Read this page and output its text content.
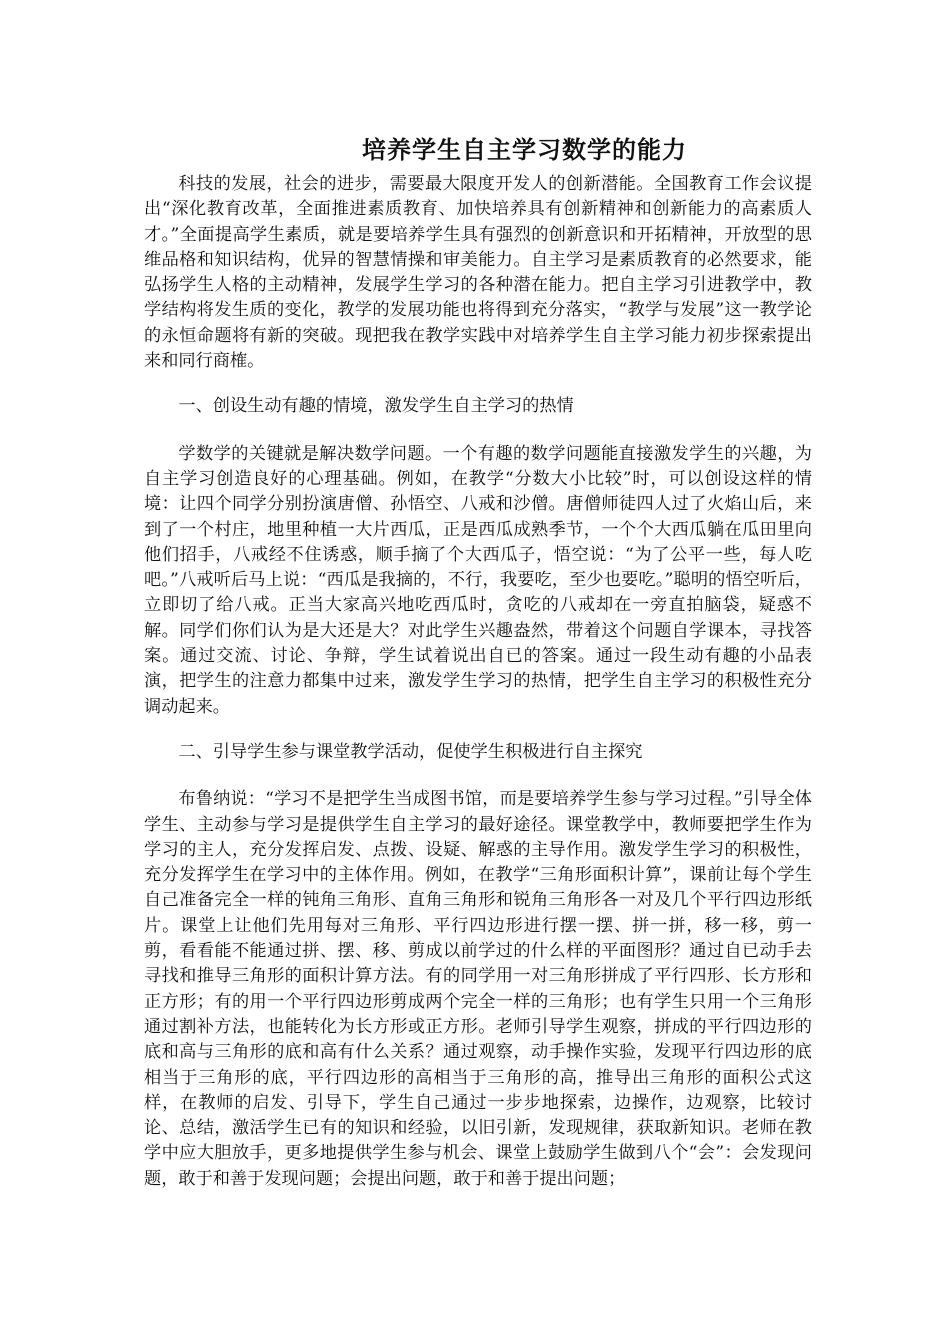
培养学生自主学习数学的能力

科技的发展，社会的进步，需要最大限度开发人的创新潜能。全国教育工作会议提出“深化教育改革，全面推进素质教育、加快培养具有创新精神和创新能力的高素质人才。”全面提高学生素质，就是要培养学生具有强烈的创新意识和开拓精神，开放型的思维品格和知识结构，优异的智慧情操和审美能力。自主学习是素质教育的必然要求，能弘扬学生人格的主动精神，发展学生学习的各种潜在能力。把自主学习引进教学中，教学结构将发生质的变化，教学的发展功能也将得到充分落实，“教学与发展”这一教学论的永恒命题将有新的突破。现把我在教学实践中对培养学生自主学习能力初步探索提出来和同行商榷。

一、创设生动有趣的情境，激发学生自主学习的热情

学数学的关键就是解决数学问题。一个有趣的数学问题能直接激发学生的兴趣，为自主学习创造良好的心理基础。例如，在教学“分数大小比较”时，可以创设这样的情境：让四个同学分别扮演唐僧、孙悟空、八戒和沙僧。唐僧师徒四人过了火焰山后，来到了一个村庄，地里种植一大片西瓜，正是西瓜成熟季节，一个个大西瓜躺在瓜田里向他们招手，八戒经不住诱惑，顺手摘了个大西瓜子，悟空说：“为了公平一些，每人吃吧。”八戒听后马上说：“西瓜是我摘的，不行，我要吃，至少也要吃。”聪明的悟空听后，立即切了给八戒。正当大家高兴地吃西瓜时，贪吃的八戒却在一旁直拍脑袋，疑惑不解。同学们你们认为是大还是大？对此学生兴趣盎然，带着这个问题自学课本，寻找答案。通过交流、讨论、争辩，学生试着说出自已的答案。通过一段生动有趣的小品表演，把学生的注意力都集中过来，激发学生学习的热情，把学生自主学习的积极性充分调动起来。

二、引导学生参与课堂教学活动，促使学生积极进行自主探究

布鲁纳说：“学习不是把学生当成图书馆，而是要培养学生参与学习过程。”引导全体学生、主动参与学习是提供学生自主学习的最好途径。课堂教学中，教师要把学生作为学习的主人，充分发挥启发、点拨、设疑、解惑的主导作用。激发学生学习的积极性，充分发挥学生在学习中的主体作用。例如，在教学“三角形面积计算”，课前让每个学生自己准备完全一样的钝角三角形、直角三角形和锐角三角形各一对及几个平行四边形纸片。课堂上让他们先用每对三角形、平行四边形进行摆一摆、拼一拼，移一移，剪一剪，看看能不能通过拼、摆、移、剪成以前学过的什么样的平面图形？通过自已动手去寻找和推导三角形的面积计算方法。有的同学用一对三角形拼成了平行四形、长方形和正方形；有的用一个平行四边形剪成两个完全一样的三角形；也有学生只用一个三角形通过割补方法，也能转化为长方形或正方形。老师引导学生观察，拼成的平行四边形的底和高与三角形的底和高有什么关系？通过观察，动手操作实验，发现平行四边形的底相当于三角形的底，平行四边形的高相当于三角形的高，推导出三角形的面积公式这样，在教师的启发、引导下，学生自己通过一步步地探索，边操作，边观察，比较讨论、总结，激活学生已有的知识和经验，以旧引新，发现规律，获取新知识。老师在教学中应大胆放手，更多地提供学生参与机会、课堂上鼓励学生做到八个“会”：会发现问题，敢于和善于发现问题；会提出问题，敢于和善于提出问题；
